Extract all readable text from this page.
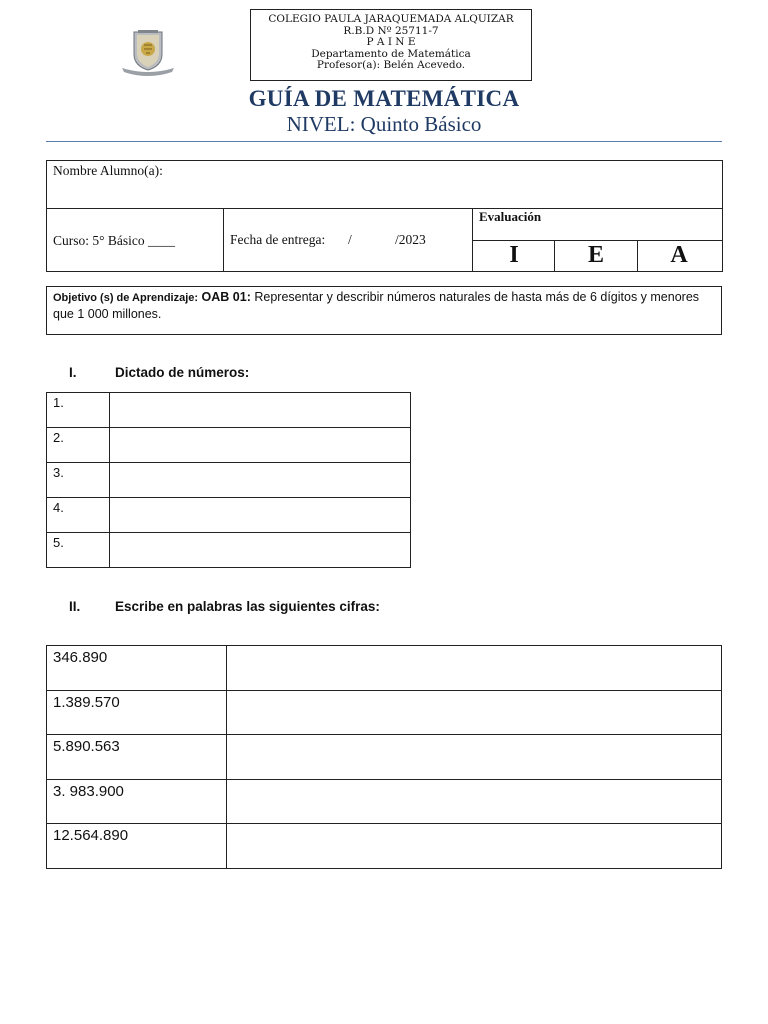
COLEGIO PAULA JARAQUEMADA ALQUIZAR
R.B.D Nº 25711-7
P A I N E
Departamento de Matemática
Profesor(a): Belén Acevedo.
GUÍA DE MATEMÁTICA
NIVEL: Quinto Básico
Nombre Alumno(a):
Curso: 5° Básico ____	Fecha de entrega: /	/2023
Evaluación
I	E	A
Objetivo (s) de Aprendizaje: OAB 01: Representar y describir números naturales de hasta más de 6 dígitos y menores que 1 000 millones.
I.	Dictado de números:
1.	
2.	
3.	
4.	
5.	
II.	Escribe en palabras las siguientes cifras:
346.890	
1.389.570	
5.890.563	
3. 983.900	
12.564.890	
